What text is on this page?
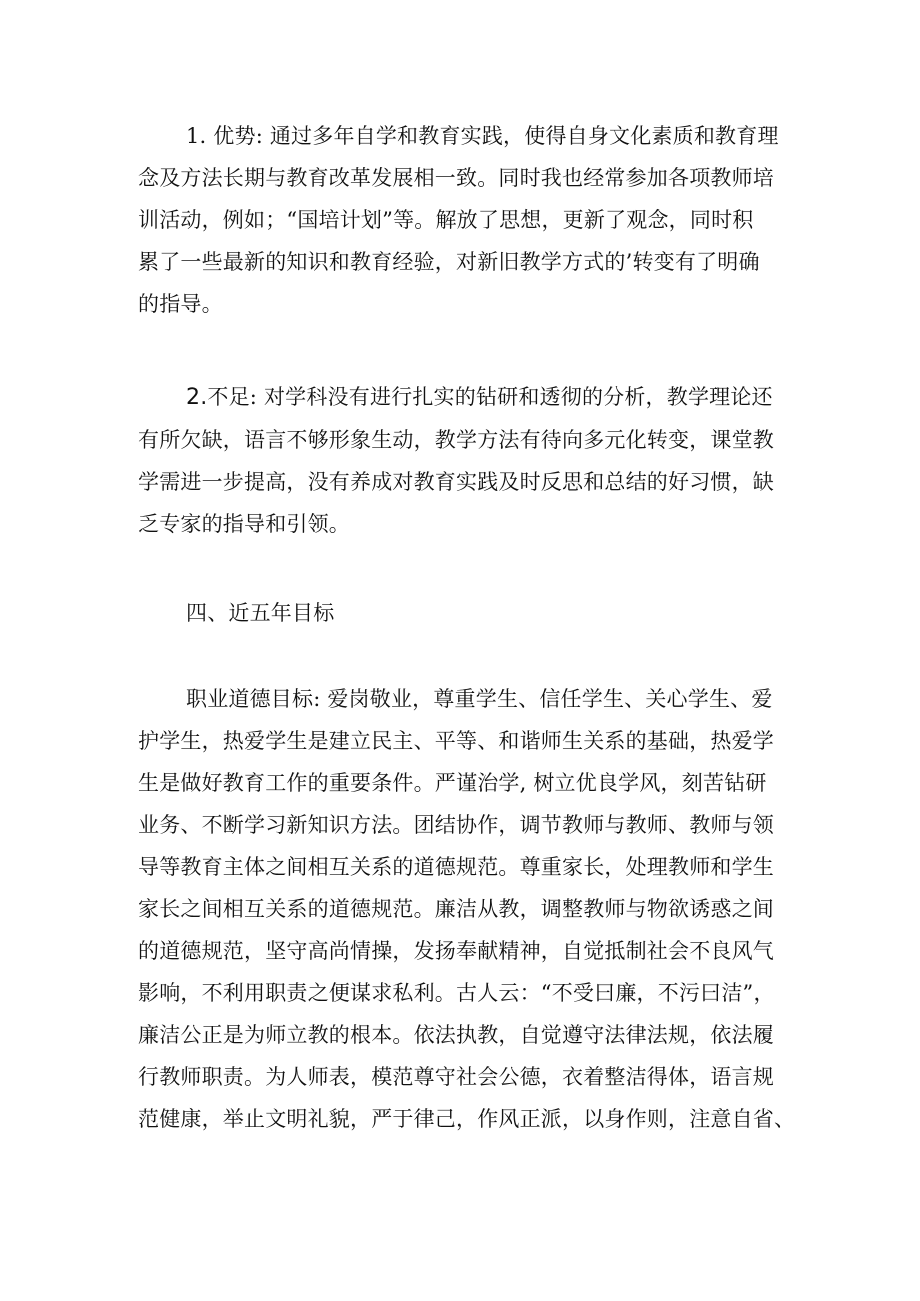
1. 优势: 通过多年自学和教育实践，使得自身文化素质和教育理
念及方法长期与教育改革发展相一致。同时我也经常参加各项教师培
训活动，例如；“国培计划”等。解放了思想，更新了观念，同时积
累了一些最新的知识和教育经验，对新旧教学方式的’转变有了明确
的指导。

2.不足: 对学科没有进行扎实的钻研和透彻的分析，教学理论还
有所欠缺，语言不够形象生动，教学方法有待向多元化转变，课堂教
学需进一步提高，没有养成对教育实践及时反思和总结的好习惯，缺
乏专家的指导和引领。

四、近五年目标

职业道德目标: 爱岗敬业，尊重学生、信任学生、关心学生、爱
护学生，热爱学生是建立民主、平等、和谐师生关系的基础，热爱学
生是做好教育工作的重要条件。严谨治学, 树立优良学风，刻苦钻研
业务、不断学习新知识方法。团结协作，调节教师与教师、教师与领
导等教育主体之间相互关系的道德规范。尊重家长，处理教师和学生
家长之间相互关系的道德规范。廉洁从教，调整教师与物欲诱惑之间
的道德规范，坚守高尚情操，发扬奉献精神，自觉抵制社会不良风气
影响，不利用职责之便谋求私利。古人云：“不受曰廉，不污曰洁”，
廉洁公正是为师立教的根本。依法执教，自觉遵守法律法规，依法履
行教师职责。为人师表，模范尊守社会公德，衣着整洁得体，语言规
范健康，举止文明礼貌，严于律己，作风正派，以身作则，注意自省、
